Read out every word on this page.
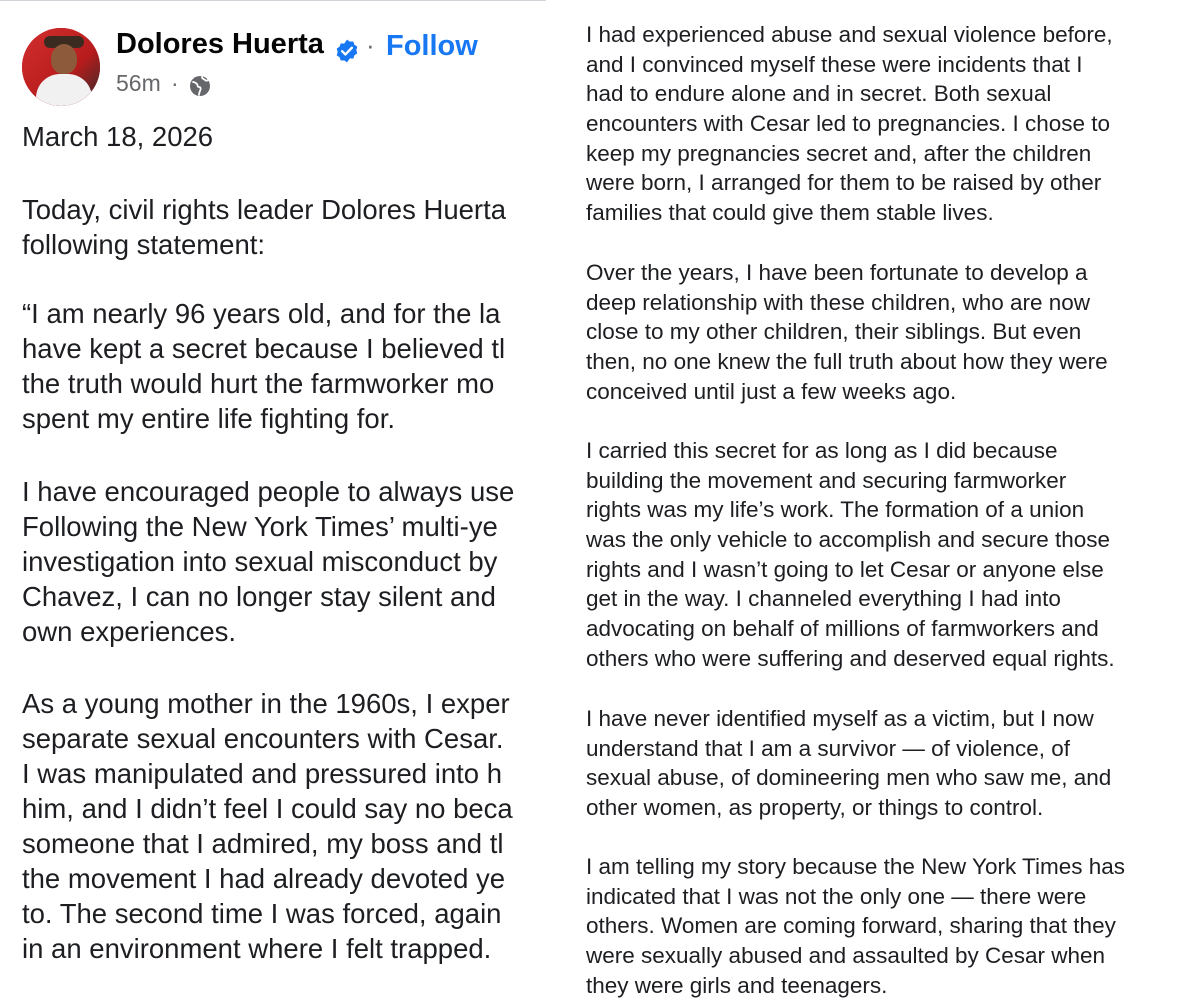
Dolores Huerta · Follow
56m ·
March 18, 2026
Today, civil rights leader Dolores Huerta
following statement:
“I am nearly 96 years old, and for the la
have kept a secret because I believed tl
the truth would hurt the farmworker mo
spent my entire life fighting for.
I have encouraged people to always use
Following the New York Times’ multi-ye
investigation into sexual misconduct by
Chavez, I can no longer stay silent and
own experiences.
As a young mother in the 1960s, I exper
separate sexual encounters with Cesar.
I was manipulated and pressured into h
him, and I didn’t feel I could say no beca
someone that I admired, my boss and tl
the movement I had already devoted ye
to. The second time I was forced, again
in an environment where I felt trapped.
I had experienced abuse and sexual violence before,
and I convinced myself these were incidents that I
had to endure alone and in secret. Both sexual
encounters with Cesar led to pregnancies. I chose to
keep my pregnancies secret and, after the children
were born, I arranged for them to be raised by other
families that could give them stable lives.
Over the years, I have been fortunate to develop a
deep relationship with these children, who are now
close to my other children, their siblings. But even
then, no one knew the full truth about how they were
conceived until just a few weeks ago.
I carried this secret for as long as I did because
building the movement and securing farmworker
rights was my life’s work. The formation of a union
was the only vehicle to accomplish and secure those
rights and I wasn’t going to let Cesar or anyone else
get in the way. I channeled everything I had into
advocating on behalf of millions of farmworkers and
others who were suffering and deserved equal rights.
I have never identified myself as a victim, but I now
understand that I am a survivor — of violence, of
sexual abuse, of domineering men who saw me, and
other women, as property, or things to control.
I am telling my story because the New York Times has
indicated that I was not the only one — there were
others. Women are coming forward, sharing that they
were sexually abused and assaulted by Cesar when
they were girls and teenagers.
